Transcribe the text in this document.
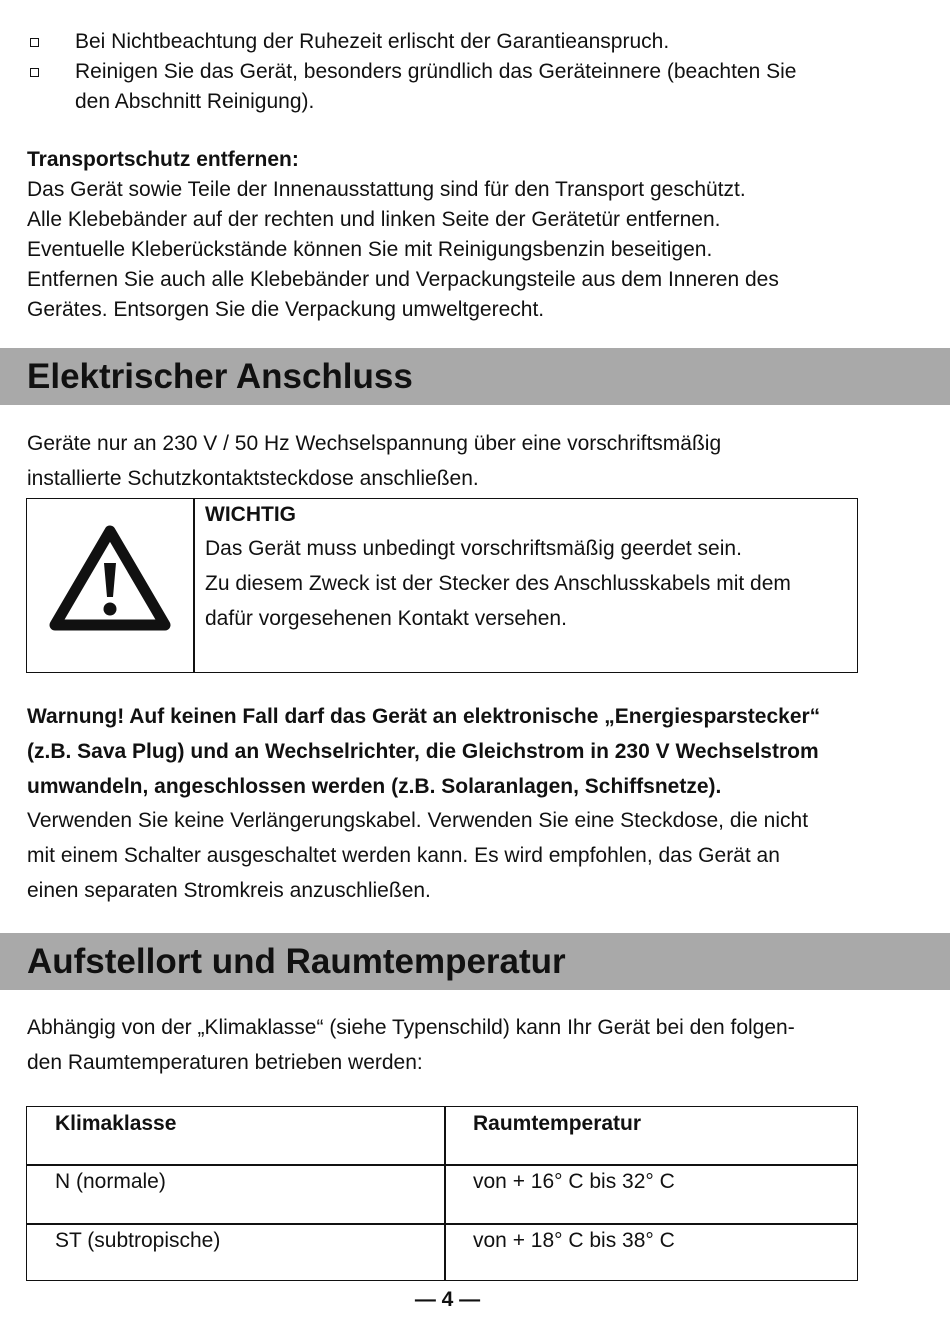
Bei Nichtbeachtung der Ruhezeit erlischt der Garantieanspruch.
Reinigen Sie das Gerät, besonders gründlich das Geräteinnere (beachten Sie
den Abschnitt Reinigung).
Transportschutz entfernen:
Das Gerät sowie Teile der Innenausstattung sind für den Transport geschützt.
Alle Klebebänder auf der rechten und linken Seite der Gerätetür entfernen.
Eventuelle Kleberückstände können Sie mit Reinigungsbenzin beseitigen.
Entfernen Sie auch alle Klebebänder und Verpackungsteile aus dem Inneren des
Gerätes. Entsorgen Sie die Verpackung umweltgerecht.
Elektrischer Anschluss
Geräte nur an 230 V / 50 Hz Wechselspannung über eine vorschriftsmäßig
installierte Schutzkontaktsteckdose anschließen.
WICHTIG
Das Gerät muss unbedingt vorschriftsmäßig geerdet sein.
Zu diesem Zweck ist der Stecker des Anschlusskabels mit dem
dafür vorgesehenen Kontakt versehen.
Warnung! Auf keinen Fall darf das Gerät an elektronische „Energiesparstecker“
(z.B. Sava Plug) und an Wechselrichter, die Gleichstrom in 230 V Wechselstrom
umwandeln, angeschlossen werden (z.B. Solaranlagen, Schiffsnetze).
Verwenden Sie keine Verlängerungskabel. Verwenden Sie eine Steckdose, die nicht
mit einem Schalter ausgeschaltet werden kann. Es wird empfohlen, das Gerät an
einen separaten Stromkreis anzuschließen.
Aufstellort und Raumtemperatur
Abhängig von der „Klimaklasse“ (siehe Typenschild) kann Ihr Gerät bei den folgen-
den Raumtemperaturen betrieben werden:
Klimaklasse	Raumtemperatur
N (normale)	von + 16° C bis 32° C
ST (subtropische)	von + 18° C bis 38° C
— 4 —
